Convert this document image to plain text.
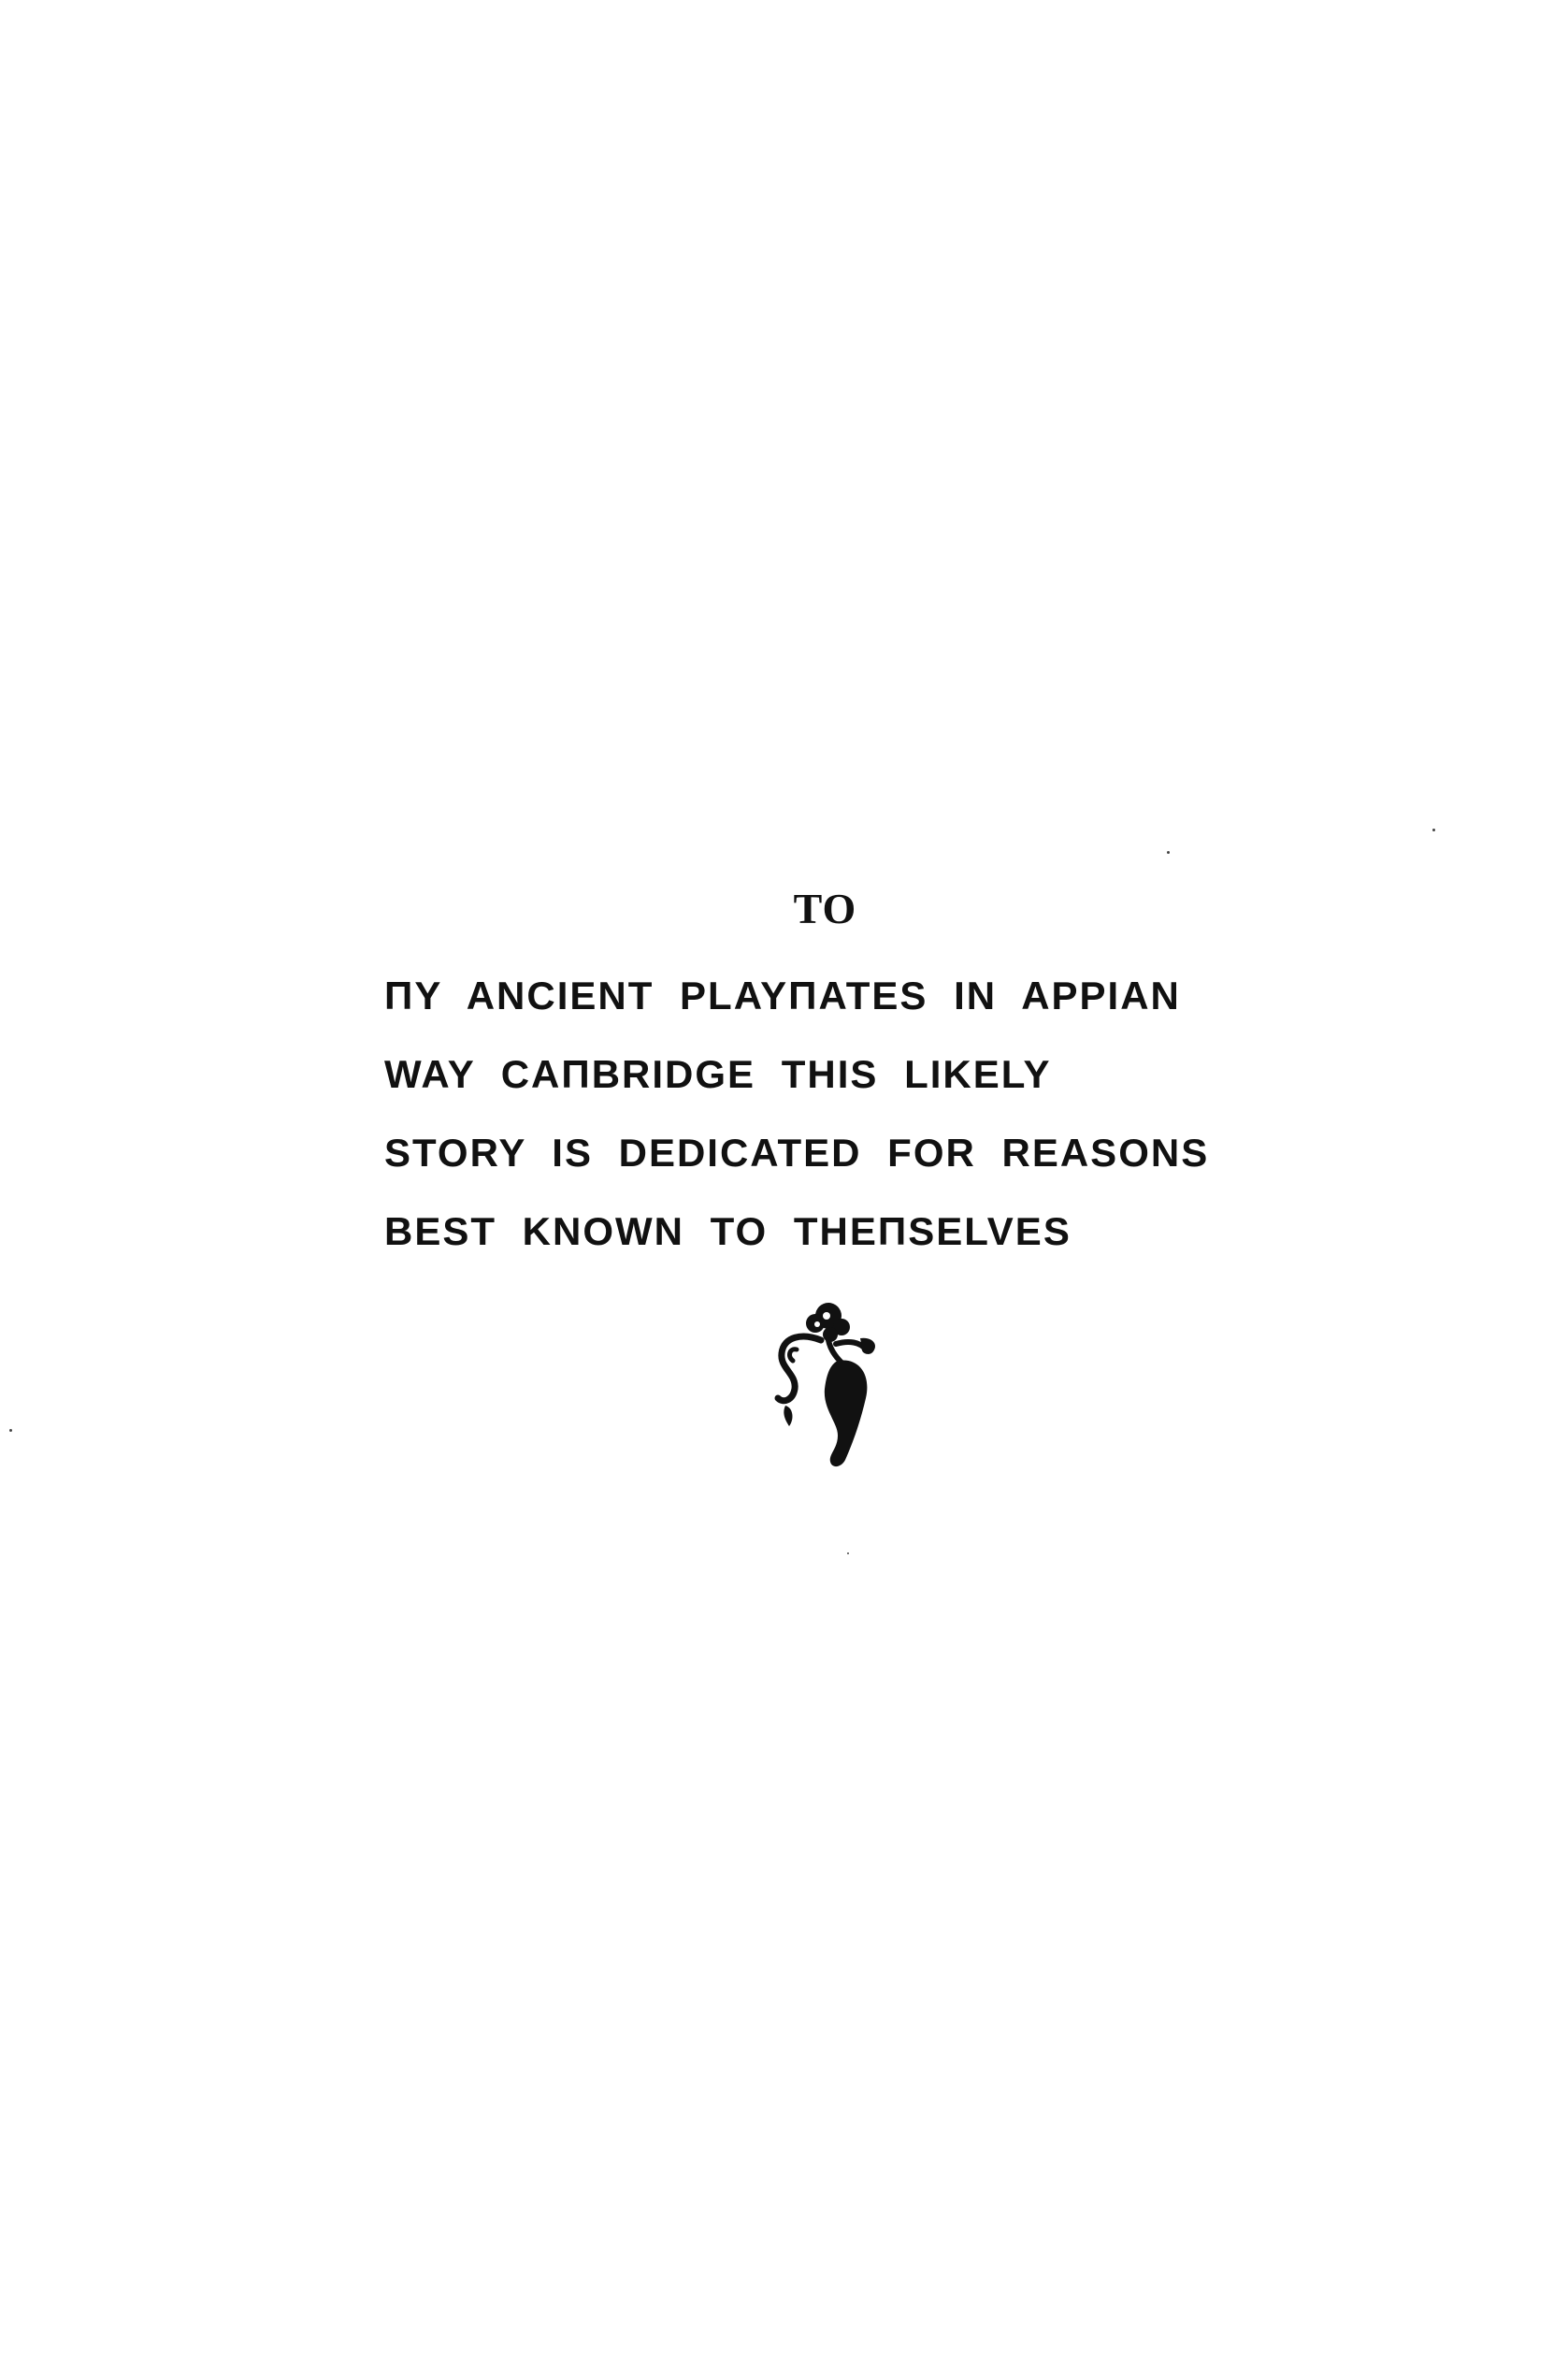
TO
ΠY ANCIENT PLAYΠATES IN APPIAN
WAY CAΠBRIDGE THIS LIKELY
STORY IS DEDICATED FOR REASONS
BEST KNOWN TO THEΠSELVES
